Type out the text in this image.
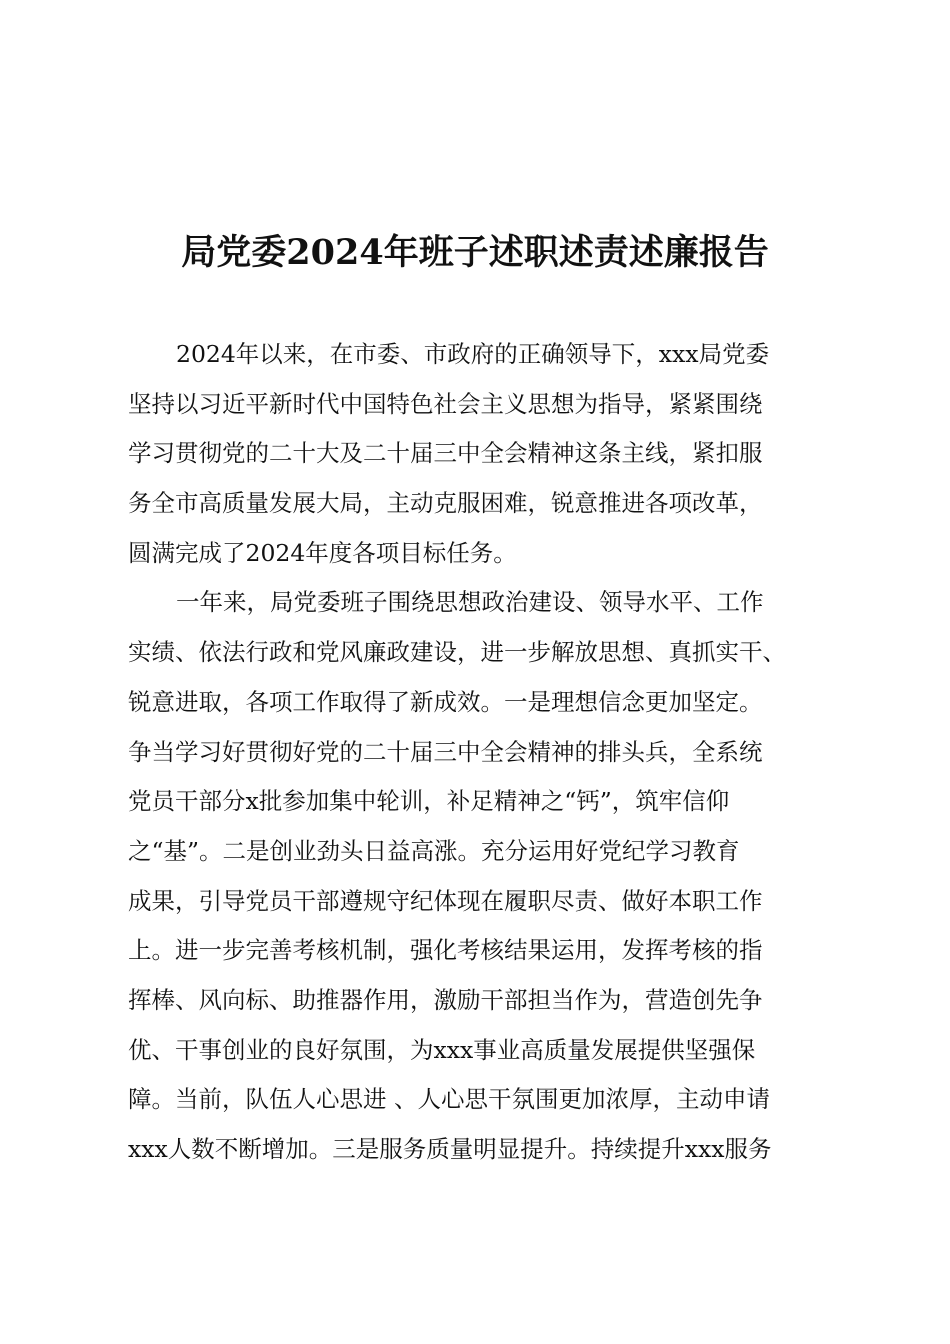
局党委2024年班子述职述责述廉报告
2024年以来，在市委、市政府的正确领导下，xxx局党委
坚持以习近平新时代中国特色社会主义思想为指导，紧紧围绕
学习贯彻党的二十大及二十届三中全会精神这条主线，紧扣服
务全市高质量发展大局，主动克服困难，锐意推进各项改革，
圆满完成了2024年度各项目标任务。
一年来，局党委班子围绕思想政治建设、领导水平、工作
实绩、依法行政和党风廉政建设，进一步解放思想、真抓实干、
锐意进取，各项工作取得了新成效。一是理想信念更加坚定。
争当学习好贯彻好党的二十届三中全会精神的排头兵，全系统
党员干部分x批参加集中轮训，补足精神之“钙”，筑牢信仰
之“基”。二是创业劲头日益高涨。充分运用好党纪学习教育
成果，引导党员干部遵规守纪体现在履职尽责、做好本职工作
上。进一步完善考核机制，强化考核结果运用，发挥考核的指
挥棒、风向标、助推器作用，激励干部担当作为，营造创先争
优、干事创业的良好氛围，为xxx事业高质量发展提供坚强保
障。当前，队伍人心思进 、人心思干氛围更加浓厚，主动申请
xxx人数不断增加。三是服务质量明显提升。持续提升xxx服务
